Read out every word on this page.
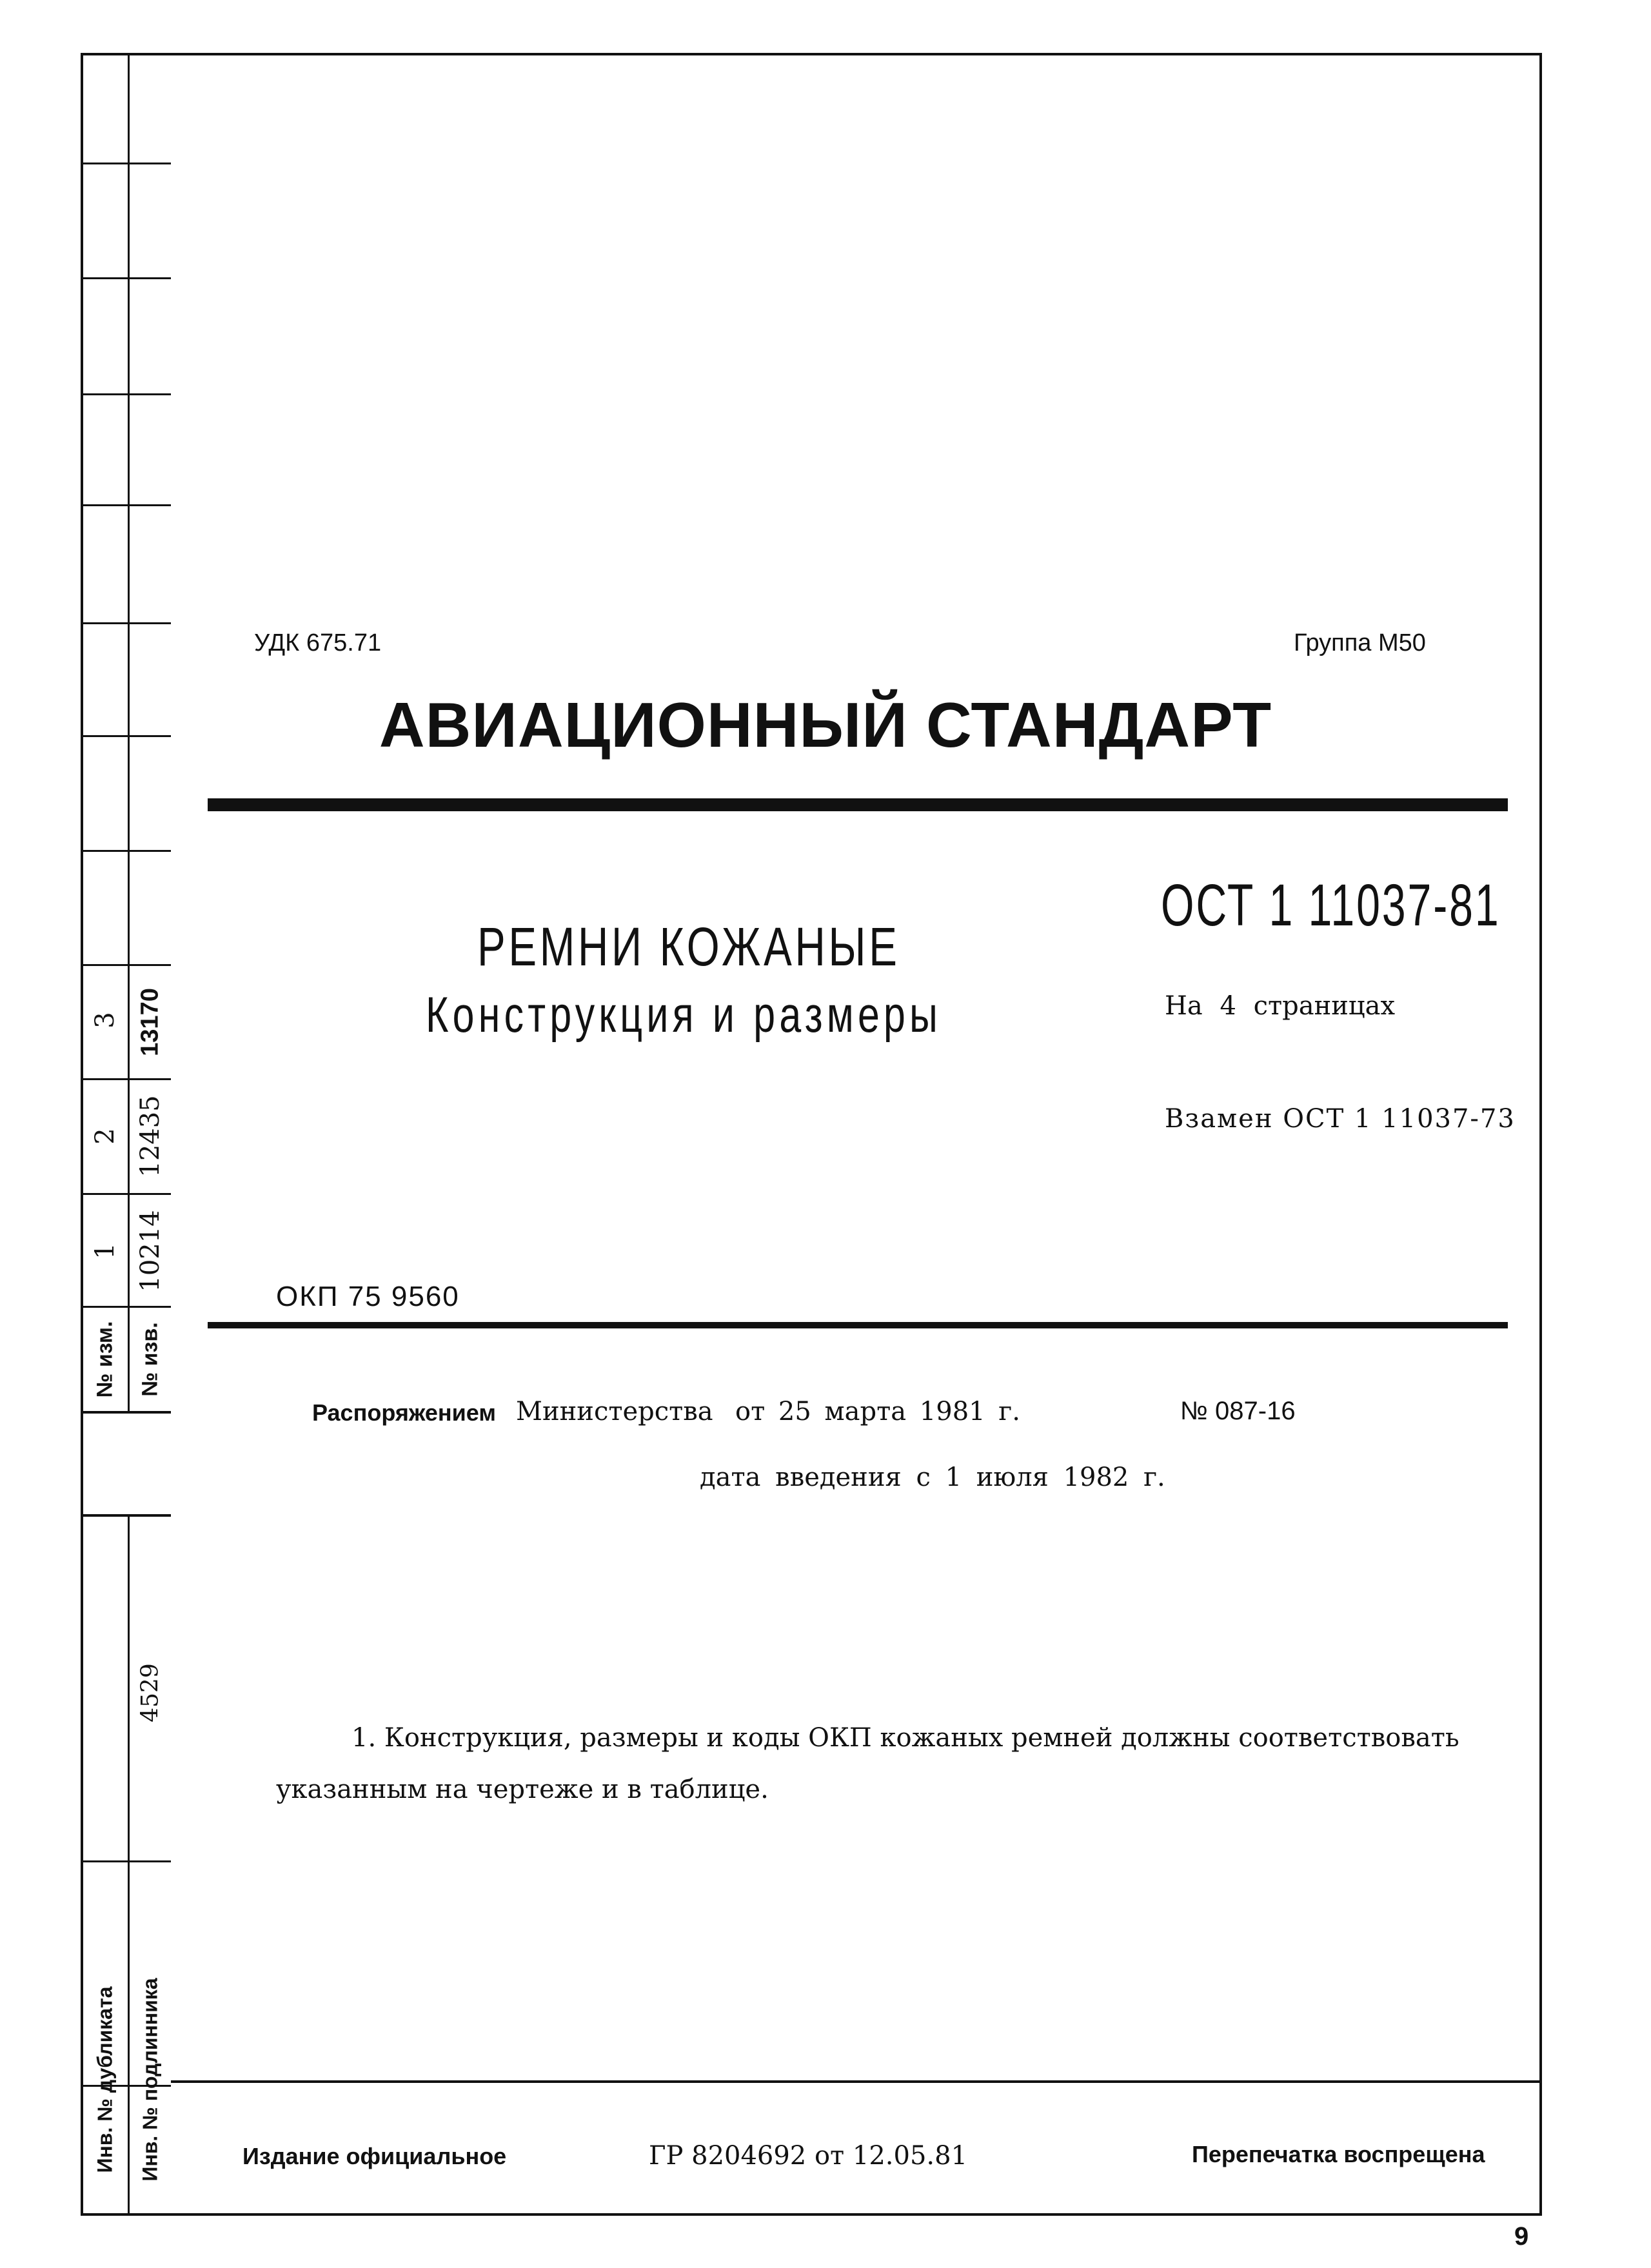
3
2
1
№ изм.
13170
12435
10214
№ изв.
4529
Инв. № дубликата Инв. № подлинника
УДК 675.71	Группа М50
АВИАЦИОННЫЙ СТАНДАРТ
РЕМНИ КОЖАНЫЕ
Конструкция и размеры
ОСТ 1 11037-81
На 4 страницах
Взамен ОСТ 1 11037-73
ОКП 75 9560
Распоряжением Министерства от 25 марта 1981 г.	№ 087-16
дата введения с 1 июля 1982 г.
1. Конструкция, размеры и коды ОКП кожаных ремней должны соответствовать
указанным на чертеже и в таблице.
Издание официальное	ГР 8204692 от 12.05.81	Перепечатка воспрещена
9
